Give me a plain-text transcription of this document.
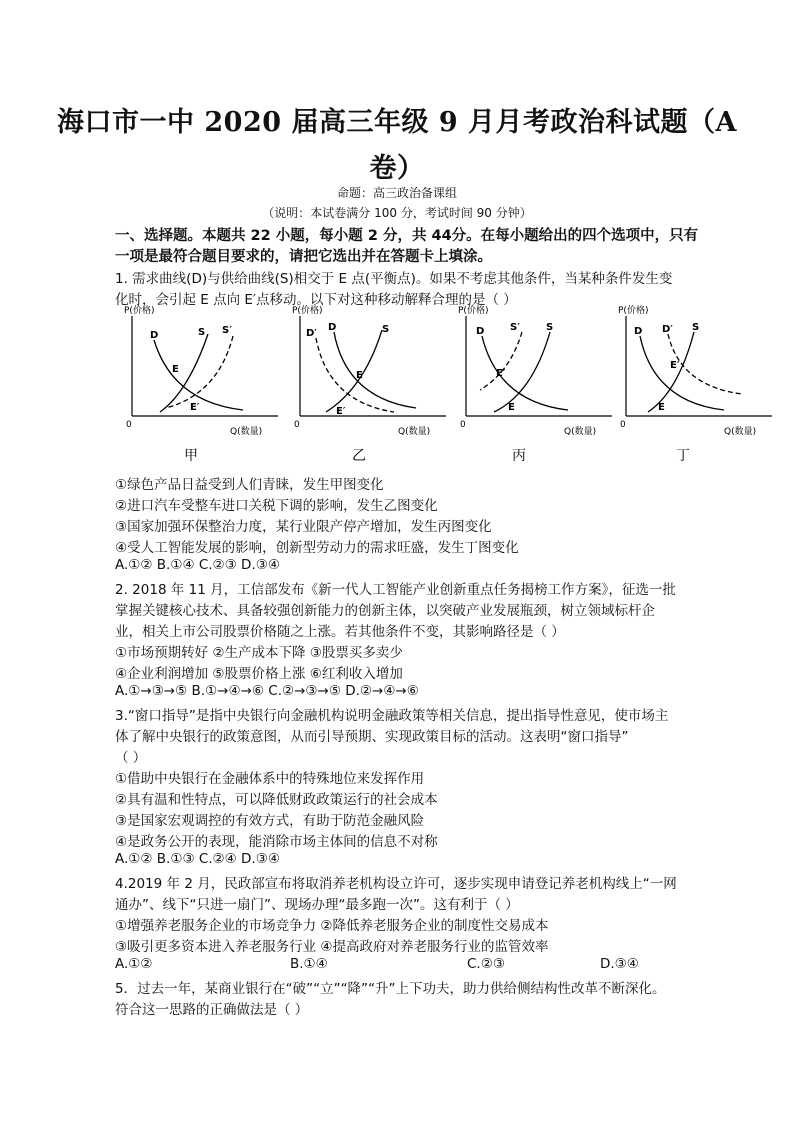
海口市一中 2020 届高三年级 9 月月考政治科试题（A
卷）
命题：高三政治备课组
（说明：本试卷满分 100 分，考试时间 90 分钟）
一、选择题。本题共 22 小题，每小题 2 分，共 44分。在每小题给出的四个选项中，只有
一项是最符合题目要求的，请把它选出并在答题卡上填涂。
1. 需求曲线(D)与供给曲线(S)相交于 E 点(平衡点)。如果不考虑其他条件，当某种条件发生变
化时，会引起 E 点向 E′点移动。以下对这种移动解释合理的是（ ）
P(价格)
0
Q(数量)
D	S S′
E
E′
甲
P(价格)
0
Q(数量)
D′
D	S
E
E′
乙
P(价格)
0
Q(数量)
D	S′	S
E′
E
丙
P(价格)
0
Q(数量)
D D′ S
E′
E
丁
①绿色产品日益受到人们青睐，发生甲图变化
②进口汽车受整车进口关税下调的影响，发生乙图变化
③国家加强环保整治力度，某行业限产停产增加，发生丙图变化
④受人工智能发展的影响，创新型劳动力的需求旺盛，发生丁图变化
A.①② B.①④ C.②③ D.③④
2. 2018 年 11 月，工信部发布《新一代人工智能产业创新重点任务揭榜工作方案》，征选一批
掌握关键核心技术、具备较强创新能力的创新主体，以突破产业发展瓶颈，树立领域标杆企
业，相关上市公司股票价格随之上涨。若其他条件不变，其影响路径是（ ）
①市场预期转好 ②生产成本下降 ③股票买多卖少
④企业利润增加 ⑤股票价格上涨 ⑥红利收入增加
A.①→③→⑤ B.①→④→⑥ C.②→③→⑤ D.②→④→⑥
3.“窗口指导”是指中央银行向金融机构说明金融政策等相关信息，提出指导性意见，使市场主
体了解中央银行的政策意图，从而引导预期、实现政策目标的活动。这表明“窗口指导”
（ ）
①借助中央银行在金融体系中的特殊地位来发挥作用
②具有温和性特点，可以降低财政政策运行的社会成本
③是国家宏观调控的有效方式，有助于防范金融风险
④是政务公开的表现，能消除市场主体间的信息不对称
A.①② B.①③ C.②④ D.③④
4.2019 年 2 月，民政部宣布将取消养老机构设立许可，逐步实现申请登记养老机构线上“一网
通办”、线下“只进一扇门”、现场办理“最多跑一次”。这有利于（ ）
①增强养老服务企业的市场竞争力 ②降低养老服务企业的制度性交易成本
③吸引更多资本进入养老服务行业 ④提高政府对养老服务行业的监管效率
A.①②	B.①④	C.②③	D.③④
5．过去一年，某商业银行在“破”“立”“降”“升”上下功夫，助力供给侧结构性改革不断深化。
符合这一思路的正确做法是（ ）
